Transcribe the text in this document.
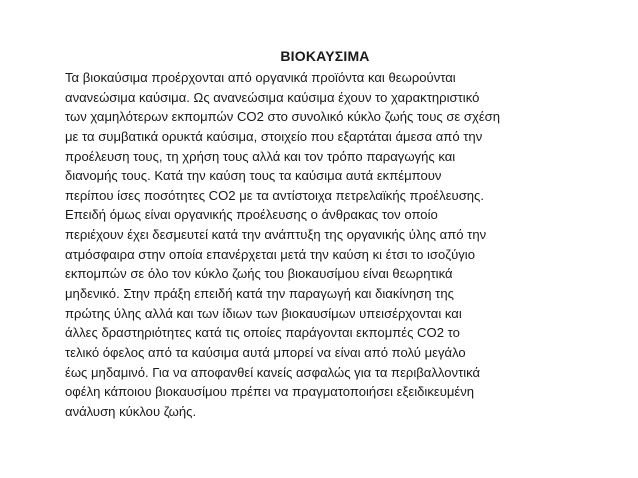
ΒΙΟΚΑΥΣΙΜΑ
Τα βιοκαύσιμα προέρχονται από οργανικά προϊόντα και θεωρούνται
ανανεώσιμα καύσιμα. Ως ανανεώσιμα καύσιμα έχουν το χαρακτηριστικό
των χαμηλότερων εκπομπών CO2 στο συνολικό κύκλο ζωής τους σε σχέση
με τα συμβατικά ορυκτά καύσιμα, στοιχείο που εξαρτάται άμεσα από την
προέλευση τους, τη χρήση τους αλλά και τον τρόπο παραγωγής και
διανομής τους. Κατά την καύση τους τα καύσιμα αυτά εκπέμπουν
περίπου ίσες ποσότητες CO2 με τα αντίστοιχα πετρελαϊκής προέλευσης.
Επειδή όμως είναι οργανικής προέλευσης ο άνθρακας τον οποίο
περιέχουν έχει δεσμευτεί κατά την ανάπτυξη της οργανικής ύλης από την
ατμόσφαιρα στην οποία επανέρχεται μετά την καύση κι έτσι το ισοζύγιο
εκπομπών σε όλο τον κύκλο ζωής του βιοκαυσίμου είναι θεωρητικά
μηδενικό. Στην πράξη επειδή κατά την παραγωγή και διακίνηση της
πρώτης ύλης αλλά και των ίδιων των βιοκαυσίμων υπεισέρχονται και
άλλες δραστηριότητες κατά τις οποίες παράγονται εκπομπές CO2 το
τελικό όφελος από τα καύσιμα αυτά μπορεί να είναι από πολύ μεγάλο
έως μηδαμινό. Για να αποφανθεί κανείς ασφαλώς για τα περιβαλλοντικά
οφέλη κάποιου βιοκαυσίμου πρέπει να πραγματοποιήσει εξειδικευμένη
ανάλυση κύκλου ζωής.
